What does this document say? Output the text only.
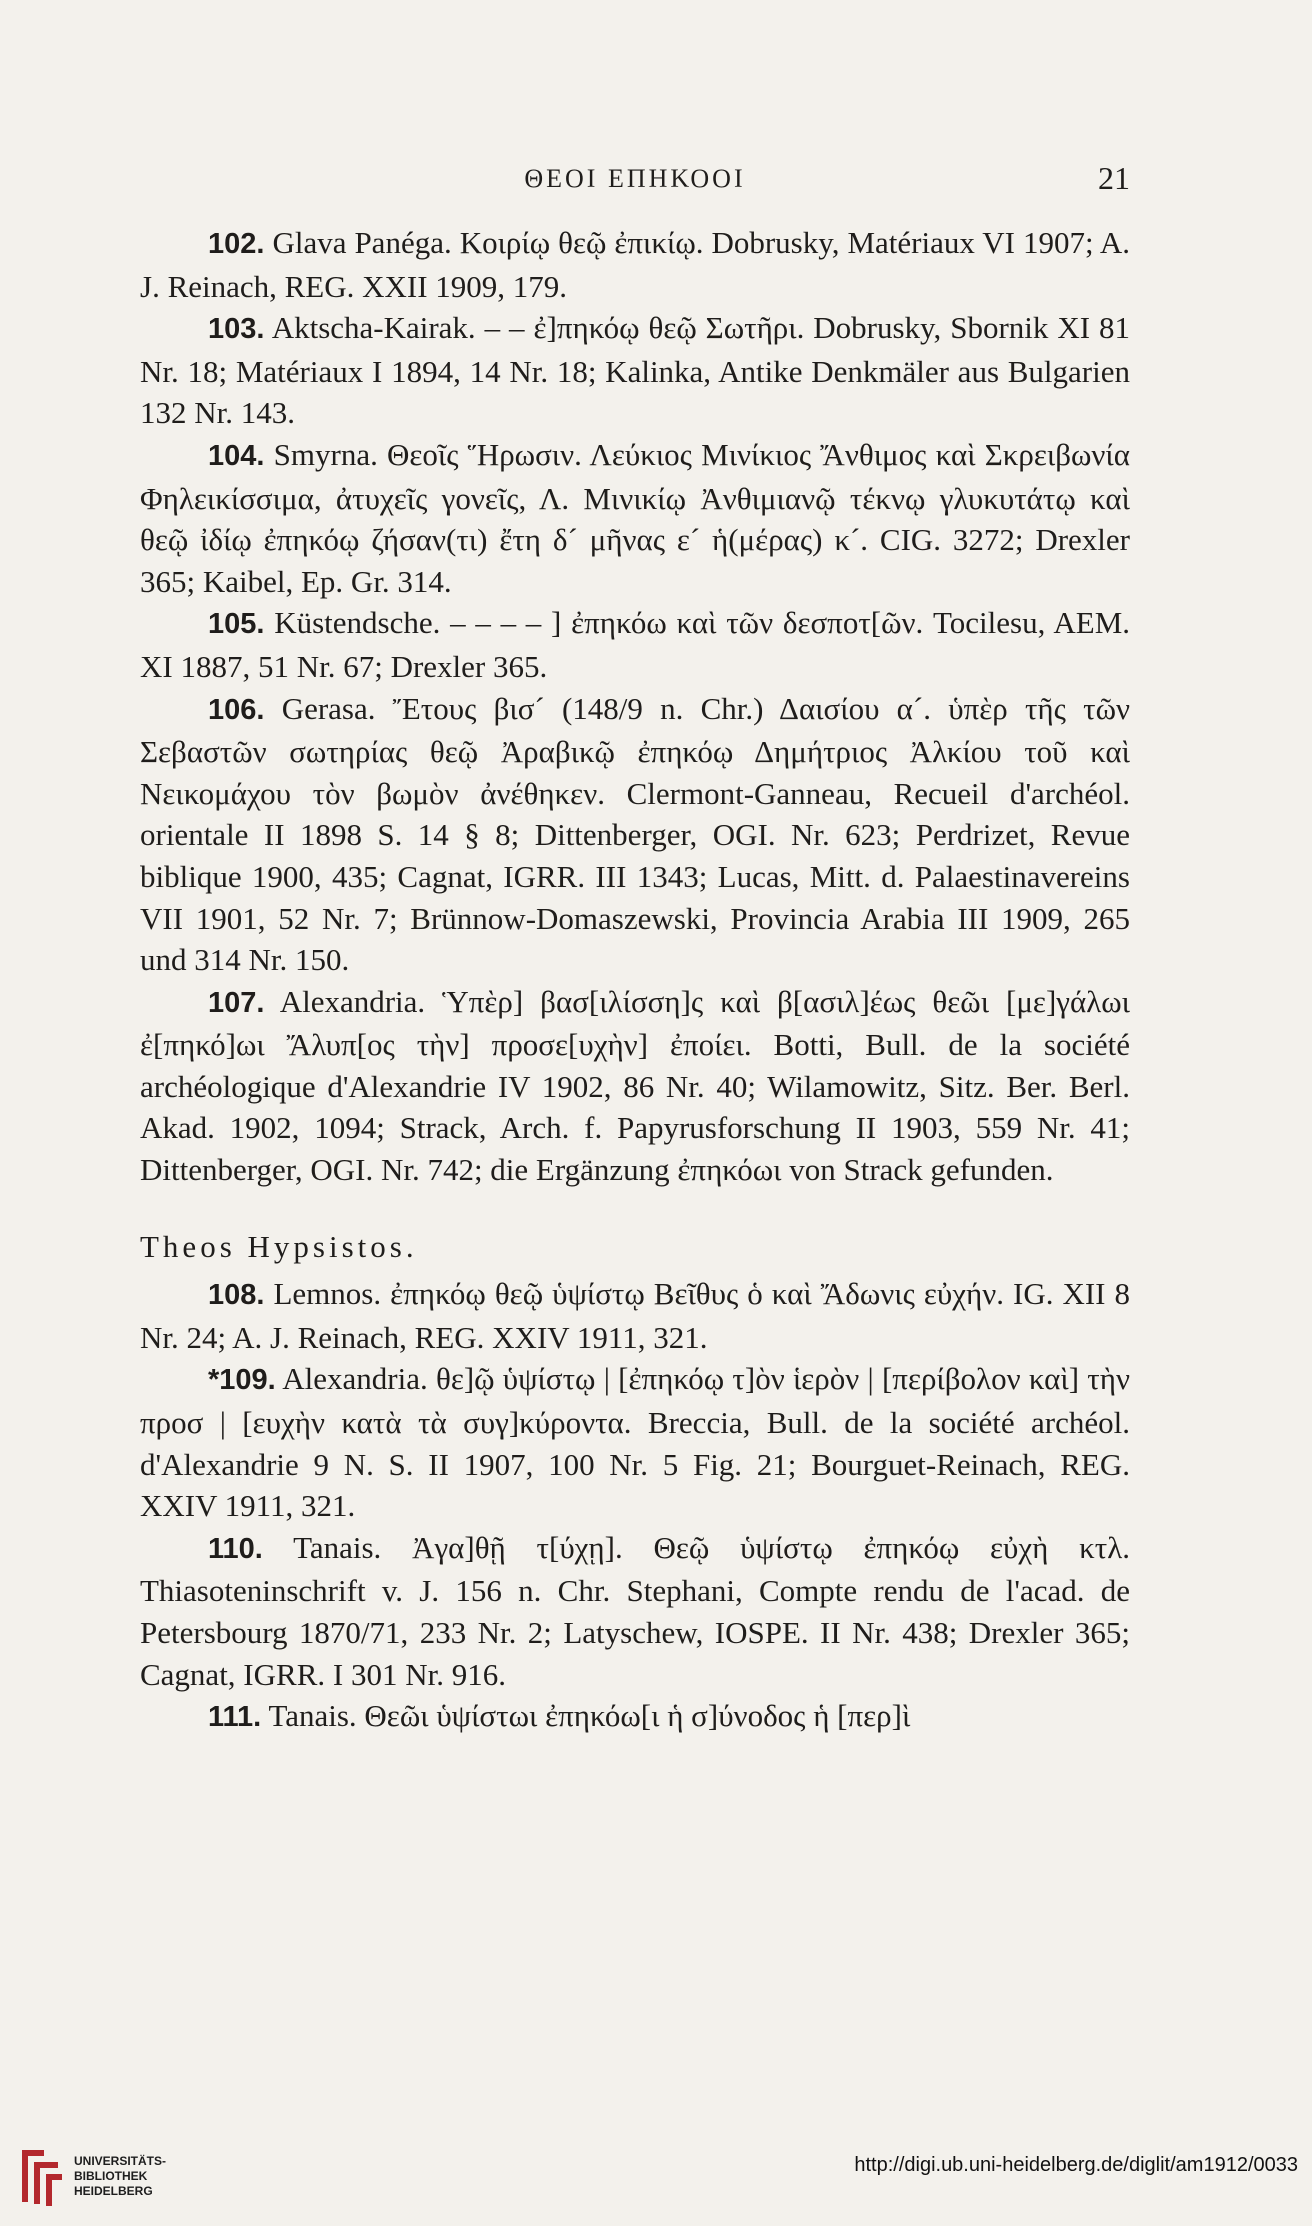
ΘΕΟΙ ΕΠΗΚΟΟΙ	21

102. Glava Panéga. Κοιρίῳ θεῷ ἐπικίῳ. Dobrusky, Matériaux VI 1907; A. J. Reinach, REG. XXII 1909, 179.

103. Aktscha-Kairak. – – ἐ]πηκόῳ θεῷ Σωτῆρι. Dobrusky, Sbornik XI 81 Nr. 18; Matériaux I 1894, 14 Nr. 18; Kalinka, Antike Denkmäler aus Bulgarien 132 Nr. 143.

104. Smyrna. Θεοῖς Ἥρωσιν. Λεύκιος Μινίκιος Ἄνθιμος καὶ Σκρειβωνία Φηλεικίσσιμα, ἀτυχεῖς γονεῖς, Λ. Μινικίῳ Ἀνθιμιανῷ τέκνῳ γλυκυτάτῳ καὶ θεῷ ἰδίῳ ἐπηκόῳ ζήσαν(τι) ἔτη δ´ μῆνας ε´ ἡ(μέρας) κ´. CIG. 3272; Drexler 365; Kaibel, Ep. Gr. 314.

105. Küstendsche. – – – – ] ἐπηκόω καὶ τῶν δεσποτ[ῶν. Tocilesu, AEM. XI 1887, 51 Nr. 67; Drexler 365.

106. Gerasa. Ἔτους βισ´ (148/9 n. Chr.) Δαισίου α´. ὑπὲρ τῆς τῶν Σεβαστῶν σωτηρίας θεῷ Ἀραβικῷ ἐπηκόῳ Δημήτριος Ἀλκίου τοῦ καὶ Νεικομάχου τὸν βωμὸν ἀνέθηκεν. Clermont-Ganneau, Recueil d'archéol. orientale II 1898 S. 14 § 8; Dittenberger, OGI. Nr. 623; Perdrizet, Revue biblique 1900, 435; Cagnat, IGRR. III 1343; Lucas, Mitt. d. Palaestinavereins VII 1901, 52 Nr. 7; Brünnow-Domaszewski, Provincia Arabia III 1909, 265 und 314 Nr. 150.

107. Alexandria. Ὑπὲρ] βασ[ιλίσση]ς καὶ β[ασιλ]έως θεῶι [με]γάλωι ἐ[πηκό]ωι Ἄλυπ[ος τὴν] προσε[υχὴν] ἐποίει. Botti, Bull. de la société archéologique d'Alexandrie IV 1902, 86 Nr. 40; Wilamowitz, Sitz. Ber. Berl. Akad. 1902, 1094; Strack, Arch. f. Papyrusforschung II 1903, 559 Nr. 41; Dittenberger, OGI. Nr. 742; die Ergänzung ἐπηκόωι von Strack gefunden.

Theos Hypsistos.

108. Lemnos. ἐπηκόῳ θεῷ ὑψίστῳ Βεῖθυς ὁ καὶ Ἄδωνις εὐχήν. IG. XII 8 Nr. 24; A. J. Reinach, REG. XXIV 1911, 321.

*109. Alexandria. θε]ῷ ὑψίστῳ | [ἐπηκόῳ τ]ὸν ἱερὸν | [περίβολον καὶ] τὴν προσ | [ευχὴν κατὰ τὰ συγ]κύροντα. Breccia, Bull. de la société archéol. d'Alexandrie 9 N. S. II 1907, 100 Nr. 5 Fig. 21; Bourguet-Reinach, REG. XXIV 1911, 321.

110. Tanais. Ἀγα]θῇ τ[ύχῃ]. Θεῷ ὑψίστῳ ἐπηκόῳ εὐχὴ κτλ. Thiasoteninschrift v. J. 156 n. Chr. Stephani, Compte rendu de l'acad. de Petersbourg 1870/71, 233 Nr. 2; Latyschew, IOSPE. II Nr. 438; Drexler 365; Cagnat, IGRR. I 301 Nr. 916.

111. Tanais. Θεῶι ὑψίστωι ἐπηκόω[ι ἡ σ]ύνοδος ἡ [περ]ὶ

UNIVERSITÄTS-
BIBLIOTHEK
HEIDELBERG
http://digi.ub.uni-heidelberg.de/diglit/am1912/0033
